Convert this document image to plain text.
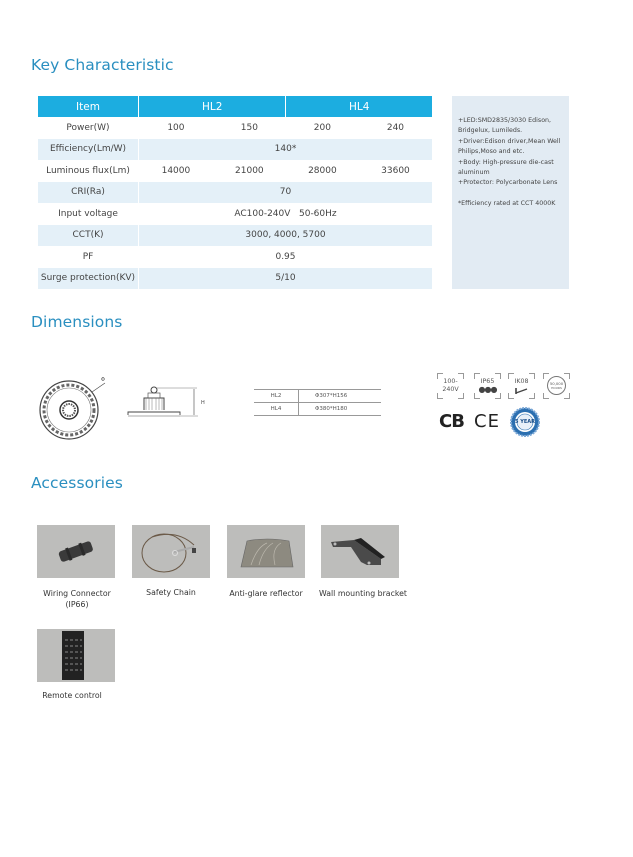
Key Characteristic
Item	HL2		HL4	
Power(W)	100	150	200	240
Efficiency(Lm/W)	140*			
Luminous flux(Lm)	14000	21000	28000	33600
CRI(Ra)	70			
Input voltage	AC100-240V   50-60Hz			
CCT(K)	3000, 4000, 5700			
PF	0.95			
Surge protection(KV)	5/10			
+LED:SMD2835/3030 Edison,
Bridgelux, Lumileds.
+Driver:Edison driver,Mean Well
Philips,Moso and etc.
+Body: High-pressure die-cast
aluminum
+Protector: Polycarbonate Lens
*Efficiency rated at CCT 4000K
Dimensions
Φ
H
HL2	Φ307*H156
HL4	Φ380*H180
100-
240V
IP65
●●●
IK08	50,000
HOURS
CB CE	5 YEAR
Accessories
Wiring Connector
(IP66)
Safety Chain	Anti-glare reflector	Wall mounting bracket
Remote control
